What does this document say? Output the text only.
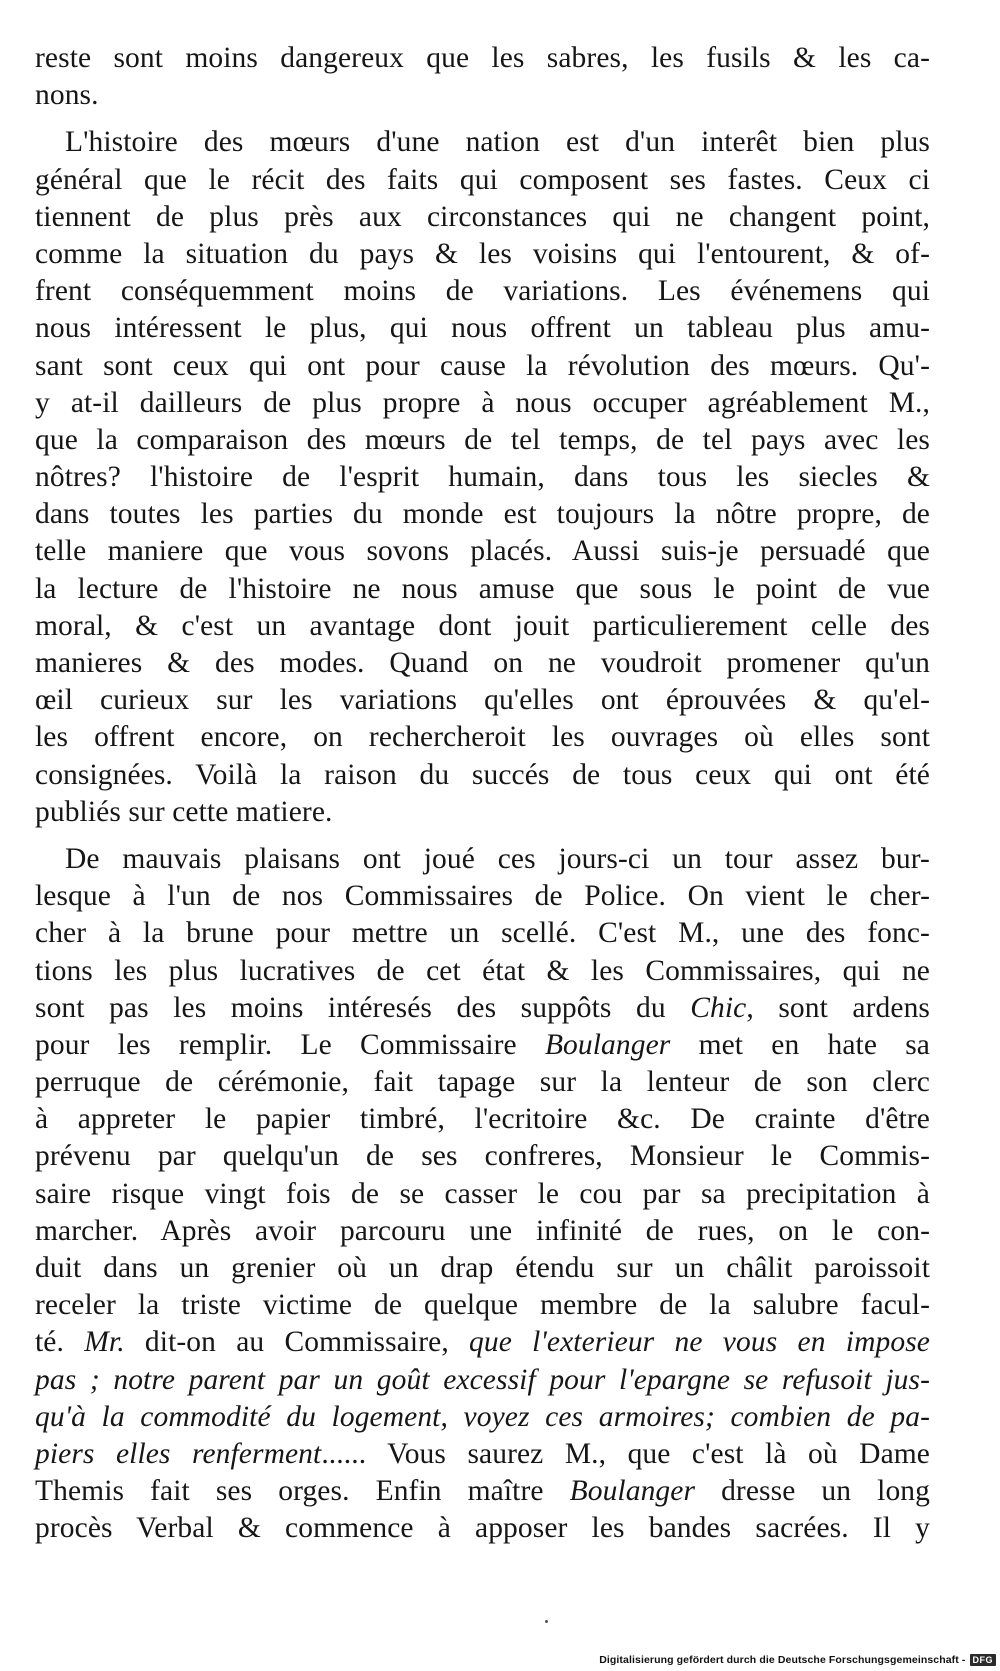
reste sont moins dangereux que les sabres, les fusils & les ca-
nons.
L'histoire des mœurs d'une nation est d'un interêt bien plus
général que le récit des faits qui composent ses fastes. Ceux ci
tiennent de plus près aux circonstances qui ne changent point,
comme la situation du pays & les voisins qui l'entourent, & of-
frent conséquemment moins de variations. Les événemens qui
nous intéressent le plus, qui nous offrent un tableau plus amu-
sant sont ceux qui ont pour cause la révolution des mœurs. Qu'-
y at-il dailleurs de plus propre à nous occuper agréablement M.,
que la comparaison des mœurs de tel temps, de tel pays avec les
nôtres? l'histoire de l'esprit humain, dans tous les siecles &
dans toutes les parties du monde est toujours la nôtre propre, de
telle maniere que vous sovons placés. Aussi suis-je persuadé que
la lecture de l'histoire ne nous amuse que sous le point de vue
moral, & c'est un avantage dont jouit particulierement celle des
manieres & des modes. Quand on ne voudroit promener qu'un
œil curieux sur les variations qu'elles ont éprouvées & qu'el-
les offrent encore, on rechercheroit les ouvrages où elles sont
consignées. Voilà la raison du succés de tous ceux qui ont été
publiés sur cette matiere.
De mauvais plaisans ont joué ces jours-ci un tour assez bur-
lesque à l'un de nos Commissaires de Police. On vient le cher-
cher à la brune pour mettre un scellé. C'est M., une des fonc-
tions les plus lucratives de cet état & les Commissaires, qui ne
sont pas les moins intéresés des suppôts du Chic, sont ardens
pour les remplir. Le Commissaire Boulanger met en hate sa
perruque de cérémonie, fait tapage sur la lenteur de son clerc
à appreter le papier timbré, l'ecritoire &c. De crainte d'être
prévenu par quelqu'un de ses confreres, Monsieur le Commis-
saire risque vingt fois de se casser le cou par sa precipitation à
marcher. Après avoir parcouru une infinité de rues, on le con-
duit dans un grenier où un drap étendu sur un châlit paroissoit
receler la triste victime de quelque membre de la salubre facul-
té. Mr. dit-on au Commissaire, que l'exterieur ne vous en impose
pas ; notre parent par un goût excessif pour l'epargne se refusoit jus-
qu'à la commodité du logement, voyez ces armoires; combien de pa-
piers elles renferment...... Vous saurez M., que c'est là où Dame
Themis fait ses orges. Enfin maître Boulanger dresse un long
procès Verbal & commence à apposer les bandes sacrées. Il y
Digitalisierung gefördert durch die Deutsche Forschungsgemeinschaft - DFG
